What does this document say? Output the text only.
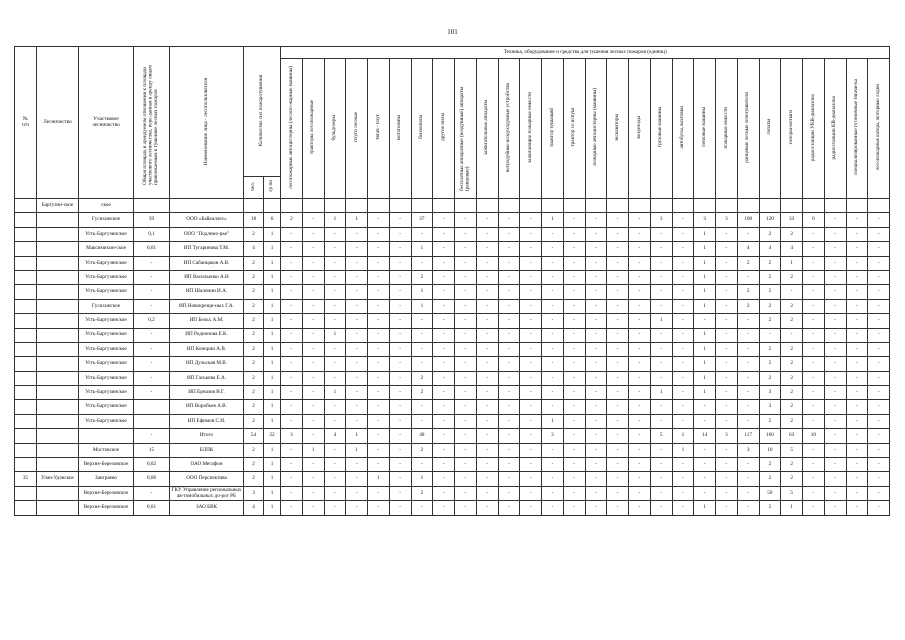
101
№
п/п	Лесничество	Участковое лесничество	Общая площадь в арендуемом отношении к площади участкового лесничества, пере-данная в аренду лицам привлекаемым к тушению лесных пожаров	Наименование лица - лесопользователя	Количество сил пожаротушения		Техника, оборудование и средства для тушения лесных пожаров (единиц)																											
							лесопожарные автоцистерны (лесопо-жарные машины)	тракторы лесопожарные	бульдозеры	плуги лесные	тягач - плуг	мотопомпы	бензопилы	другие пилы	бесплатные апнаратные (воздушные) аппараты (ранцевые)	зажигательные аппараты	ветродуйные воздуходувные устройства	зажигающие пожарные емкости	трактор тушащий	трактор со вспуш	пожарные автоцистерны (машины)	экскаваторы	вездеходы	грузовые машины	автобусы, вахтовки	легковые машины	пожарные емкости	ранцевые лесные огнетушители	лопаты	топоры-мотыги	радиостанции УКВ-диапазона	радиостанции КВ-диапазона	специализированные гусеничные тягачи-ка	лесопожарные катера, моторные лодки
					чел.	гр пн																												
	Баргузин-ское	ское																																
		Гусихинское	39	ООО «Байкаллес»	18	6	2	-	1	1	-	-	37	-	-	-	-	-	1	-	-	-	-	3	-	3	3	100	120	33	6	-	-	-
		Усть-Баргузинское	0,1	ООО "Подлемо-рье"	2	1	-	-	-	-	-	-	-	-	-	-	-	-	-	-	-	-	-	-	-	1	-	-	2	2	-	-	-	-
		Максимихин-ское	0,01	ИП Тугаринова Т.М.	4	1	-	-	-	-	-	-	1	-	-	-	-	-	-	-	-	-	-	-	-	1	-	4	4	4	-	-	-	-
		Усть-Баргузинское	-	ИП Сабанцаков А.В.	2	1	-	-	-	-	-	-	-	-	-	-	-	-	-	-	-	-	-	-	-	1	-	2	2	1	-	-	-	-
		Усть-Баргузинское	-	ИП Васильенко А.Н	2	1	-	-	-	-	-	-	2	-	-	-	-	-	-	-	-	-	-	-	-	1	-	-	2	2	-	-	-	-
		Усть-Баргузинское	-	ИП Шалонин И.А.	2	1	-	-	-	-	-	-	1	-	-	-	-	-	-	-	-	-	-	-	-	1	-	2	2	-	-	-	-	-
		Гусихинское	-	ИП Новокрещи-ных Г.А.	2	1	-	-	-	-	-	-	1	-	-	-	-	-	-	-	-	-	-	-	-	1	-	2	2	2	-	-	-	-
		Усть-Баргузинское	0,2	ИП Бельх А.М.	2	1	-	-	-	-	-	-	-	-	-	-	-	-	-	-	-	-	-	1	-	-	-	-	2	2	-	-	-	-
		Усть-Баргузинское	-	ИП Родионова Е.К.	2	1	-	-	1	-	-	-	-	-	-	-	-	-	-	-	-	-	-	-	-	1	-	-	-	-	-	-	-	-
		Усть-Баргузинское	-	ИП Конорин А.В.	2	1	-	-	-	-	-	-	-	-	-	-	-	-	-	-	-	-	-	-	-	1	-	-	2	2	-	-	-	-
		Усть-Баргузинское	-	ИП Дульская М.В.	2	1	-	-	-	-	-	-	-	-	-	-	-	-	-	-	-	-	-	-	-	1	-	-	2	2	-	-	-	-
		Усть-Баргузинское	-	ИП Гаськова Е.А.	2	1	-	-	-	-	-	-	2	-	-	-	-	-	-	-	-	-	-	-	-	1	-	-	2	2	-	-	-	-
		Усть-Баргузинское	-	ИП Ерназов В.Г.	2	1	-	-	1	-	-	-	2	-	-	-	-	-	-	-	-	-	-	1	-	1	-	-	3	2	-	-	-	-
		Усть-Баргузинское		ИП Воробьев А.В.	2	1	-	-	-	-	-	-	-	-	-	-	-	-	-	-	-	-	-	-	-	-	-	-	3	2	-	-	-	-
		Усть-Баргузинское		ИП Ефимов С.И.	2	1	-	-	-	-	-	-	-	-	-	-	-	-	1	-	-	-	-	-	-	-	-	-	2	2	-	-	-	-
			-	Итого	54	22	3	-	4	1	-	-	48	-	-	-	-	-	3	-	-	-	-	5	1	14	3	117	160	63	10	-	-	-
		Мостовское	15	БЛПК	2	1	-	1	-	1	-	-	2	-	-	-	-	-	-	-	-	-	-	-	1	-	-	3	10	5	-	-	-	-
		Верхне-Березовское	0,02	ОАО Мегафон	2	1	-	-	-	-	-	-	-	-	-	-	-	-	-	-	-	-	-	-	-	-	-	-	2	2	-	-	-	-
35	Улан-Удэнское	Заиграево	0,06	ООО Перспектива	2	1	-	-	-	-	1	-	1	-	-	-	-	-	-	-	-	-	-	-	-	-	-	-	2	2	-	-	-	-
		Верхне-Березовское	-	ГКУ Управление региональных ав-томобильных до-рог РБ	3	1	-	-	-	-	-	-	2	-	-	-	-	-	-	-	-	-	-	-	-	-	-	-	50	5	-	-	-	-
		Верхне-Березовское	0,01	ЗАО БВК	4	1	-	-	-	-	-	-	-	-	-	-	-	-	-	-	-	-	-	-	-	1	-	-	2	1	-	-	-	-
